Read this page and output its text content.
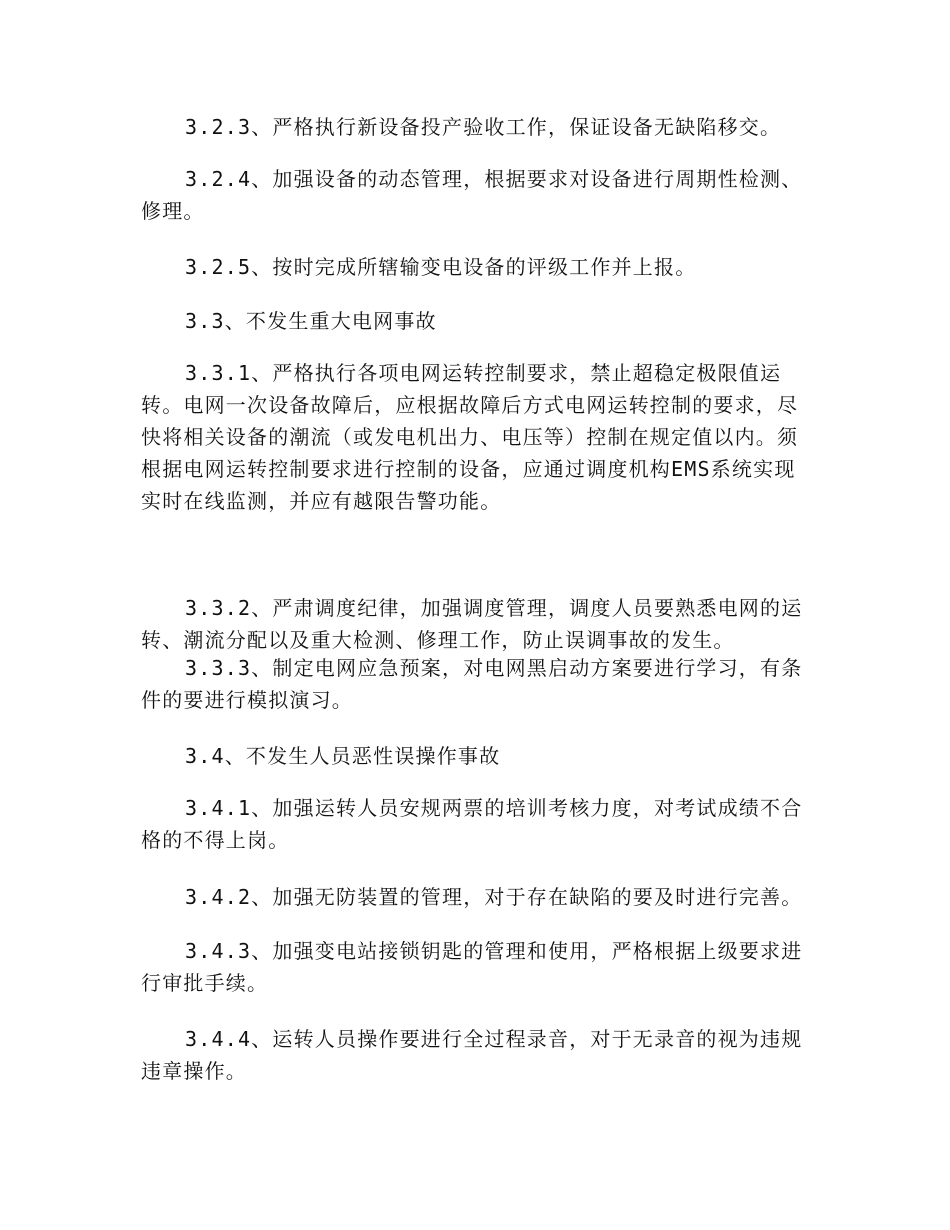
3.2.3、严格执行新设备投产验收工作，保证设备无缺陷移交。

3.2.4、加强设备的动态管理，根据要求对设备进行周期性检测、修理。

3.2.5、按时完成所辖输变电设备的评级工作并上报。

3.3、不发生重大电网事故

3.3.1、严格执行各项电网运转控制要求，禁止超稳定极限值运转。电网一次设备故障后，应根据故障后方式电网运转控制的要求，尽快将相关设备的潮流（或发电机出力、电压等）控制在规定值以内。须根据电网运转控制要求进行控制的设备，应通过调度机构EMS系统实现实时在线监测，并应有越限告警功能。

3.3.2、严肃调度纪律，加强调度管理，调度人员要熟悉电网的运转、潮流分配以及重大检测、修理工作，防止误调事故的发生。

3.3.3、制定电网应急预案，对电网黑启动方案要进行学习，有条件的要进行模拟演习。

3.4、不发生人员恶性误操作事故

3.4.1、加强运转人员安规两票的培训考核力度，对考试成绩不合格的不得上岗。

3.4.2、加强无防装置的管理，对于存在缺陷的要及时进行完善。

3.4.3、加强变电站接锁钥匙的管理和使用，严格根据上级要求进行审批手续。

3.4.4、运转人员操作要进行全过程录音，对于无录音的视为违规违章操作。
